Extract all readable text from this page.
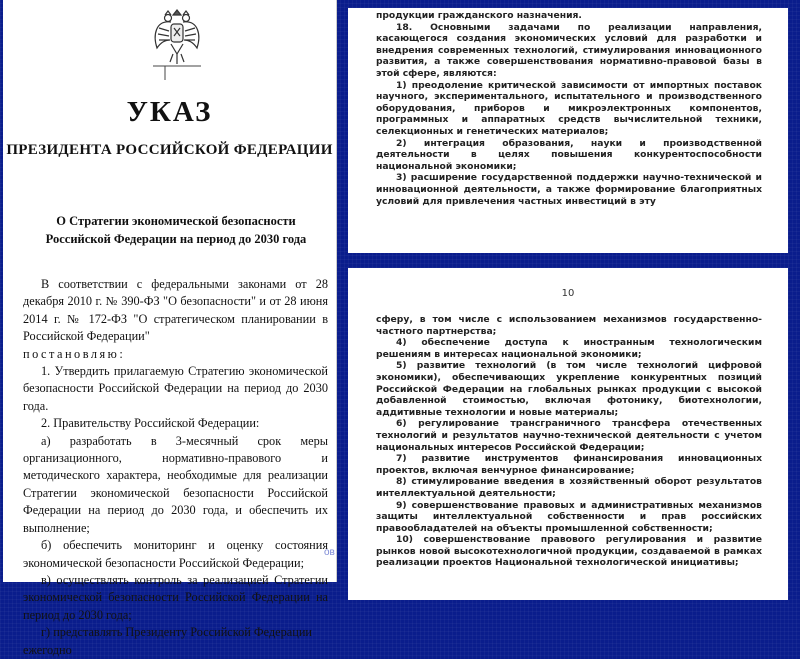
УКАЗ
ПРЕЗИДЕНТА РОССИЙСКОЙ ФЕДЕРАЦИИ
О Стратегии экономической безопасности
Российской Федерации на период до 2030 года

В соответствии с федеральными законами от 28 декабря 2010 г. № 390-ФЗ "О безопасности" и от 28 июня 2014 г. № 172-ФЗ "О стратегическом планировании в Российской Федерации"

постановляю:

1. Утвердить прилагаемую Стратегию экономической безопасности Российской Федерации на период до 2030 года.

2. Правительству Российской Федерации:

а) разработать в 3-месячный срок меры организационного, нормативно-правового и методического характера, необходимые для реализации Стратегии экономической безопасности Российской Федерации на период до 2030 года, и обеспечить их выполнение;

б) обеспечить мониторинг и оценку состояния экономической безопасности Российской Федерации;

в) осуществлять контроль за реализацией Стратегии экономической безопасности Российской Федерации на период до 2030 года;

г) представлять Президенту Российской Федерации ежегодно

продукции гражданского назначения.

18. Основными задачами по реализации направления, касающегося создания экономических условий для разработки и внедрения современных технологий, стимулирования инновационного развития, а также совершенствования нормативно-правовой базы в этой сфере, являются:

1) преодоление критической зависимости от импортных поставок научного, экспериментального, испытательного и производственного оборудования, приборов и микроэлектронных компонентов, программных и аппаратных средств вычислительной техники, селекционных и генетических материалов;

2) интеграция образования, науки и производственной деятельности в целях повышения конкурентоспособности национальной экономики;

3) расширение государственной поддержки научно-технической и инновационной деятельности, а также формирование благоприятных условий для привлечения частных инвестиций в эту

10

сферу, в том числе с использованием механизмов государственно-частного партнерства;

4) обеспечение доступа к иностранным технологическим решениям в интересах национальной экономики;

5) развитие технологий (в том числе технологий цифровой экономики), обеспечивающих укрепление конкурентных позиций Российской Федерации на глобальных рынках продукции с высокой добавленной стоимостью, включая фотонику, биотехнологии, аддитивные технологии и новые материалы;

6) регулирование трансграничного трансфера отечественных технологий и результатов научно-технической деятельности с учетом национальных интересов Российской Федерации;

7) развитие инструментов финансирования инновационных проектов, включая венчурное финансирование;

8) стимулирование введения в хозяйственный оборот результатов интеллектуальной деятельности;

9) совершенствование правовых и административных механизмов защиты интеллектуальной собственности и прав российских правообладателей на объекты промышленной собственности;

10) совершенствование правового регулирования и развитие рынков новой высокотехнологичной продукции, создаваемой в рамках реализации проектов Национальной технологической инициативы;

ов
